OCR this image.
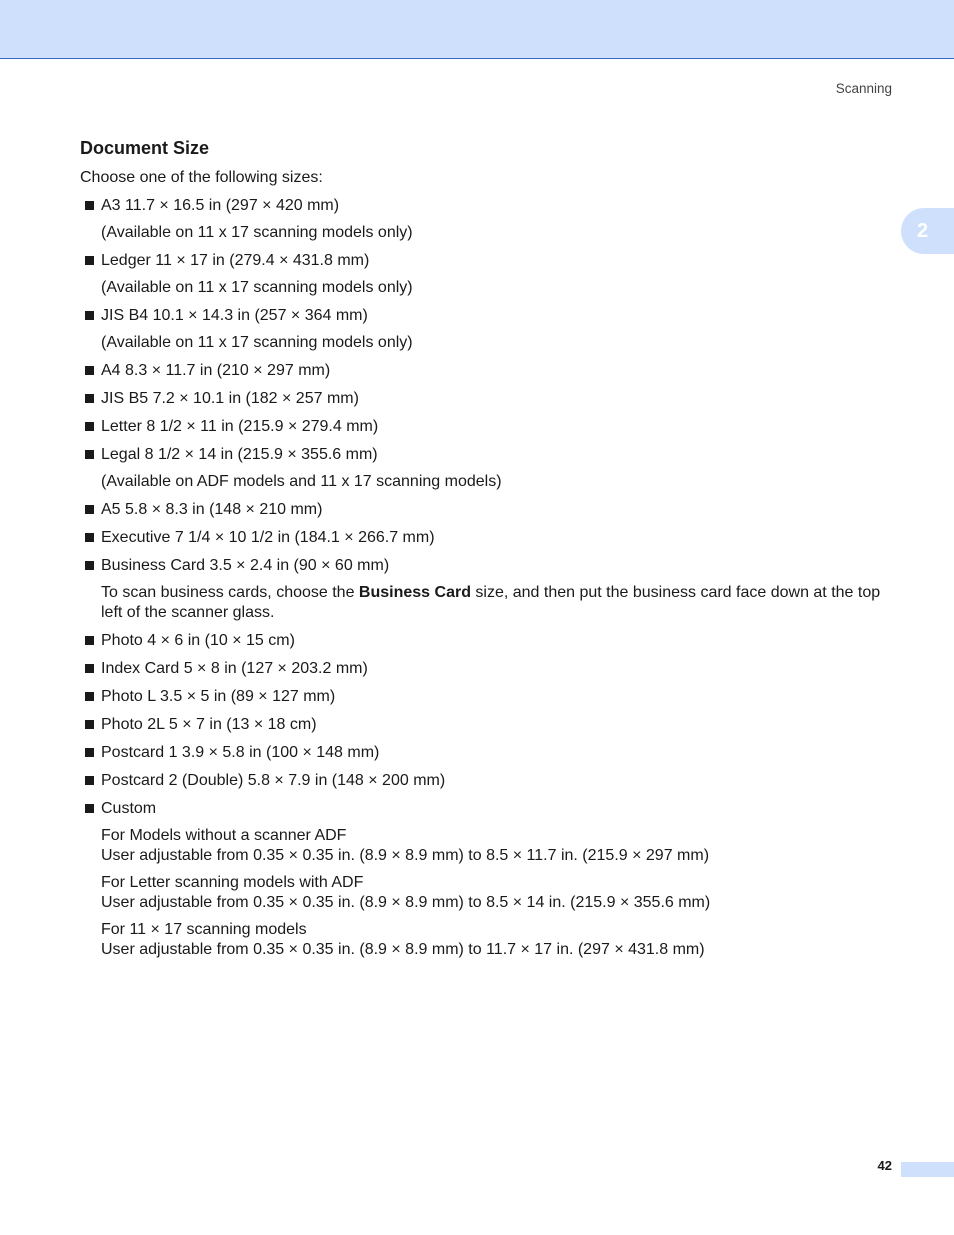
Scanning
2
Document Size

Choose one of the following sizes:

A3 11.7 × 16.5 in (297 × 420 mm)
(Available on 11 x 17 scanning models only)
Ledger 11 × 17 in (279.4 × 431.8 mm)
(Available on 11 x 17 scanning models only)
JIS B4 10.1 × 14.3 in (257 × 364 mm)
(Available on 11 x 17 scanning models only)
A4 8.3 × 11.7 in (210 × 297 mm)
JIS B5 7.2 × 10.1 in (182 × 257 mm)
Letter 8 1/2 × 11 in (215.9 × 279.4 mm)
Legal 8 1/2 × 14 in (215.9 × 355.6 mm)
(Available on ADF models and 11 x 17 scanning models)
A5 5.8 × 8.3 in (148 × 210 mm)
Executive 7 1/4 × 10 1/2 in (184.1 × 266.7 mm)
Business Card 3.5 × 2.4 in (90 × 60 mm)
To scan business cards, choose the Business Card size, and then put the business card face down at the top left of the scanner glass.
Photo 4 × 6 in (10 × 15 cm)
Index Card 5 × 8 in (127 × 203.2 mm)
Photo L 3.5 × 5 in (89 × 127 mm)
Photo 2L 5 × 7 in (13 × 18 cm)
Postcard 1 3.9 × 5.8 in (100 × 148 mm)
Postcard 2 (Double) 5.8 × 7.9 in (148 × 200 mm)
Custom
For Models without a scanner ADF
User adjustable from 0.35 × 0.35 in. (8.9 × 8.9 mm) to 8.5 × 11.7 in. (215.9 × 297 mm)
For Letter scanning models with ADF
User adjustable from 0.35 × 0.35 in. (8.9 × 8.9 mm) to 8.5 × 14 in. (215.9 × 355.6 mm)
For 11 × 17 scanning models
User adjustable from 0.35 × 0.35 in. (8.9 × 8.9 mm) to 11.7 × 17 in. (297 × 431.8 mm)
42
